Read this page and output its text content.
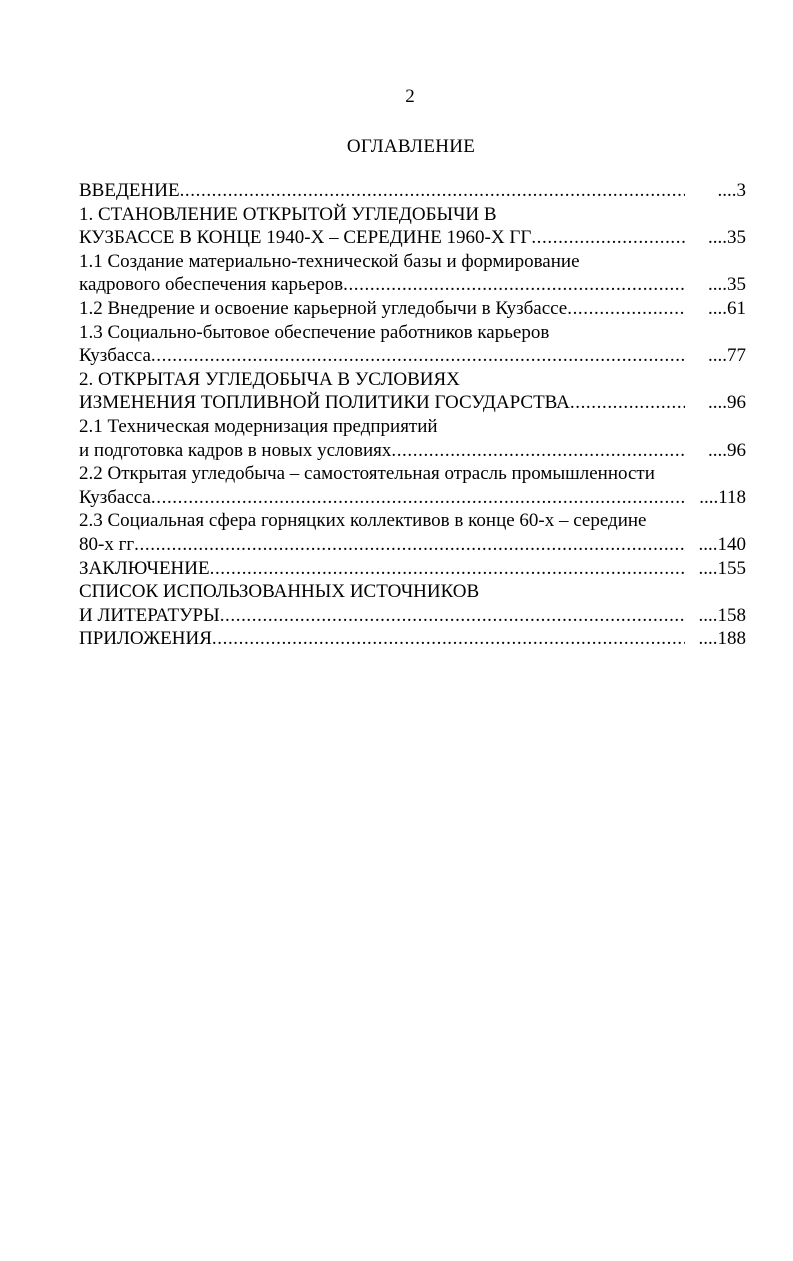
2
ОГЛАВЛЕНИЕ
ВВЕДЕНИЕ .....	.... 3
1. СТАНОВЛЕНИЕ ОТКРЫТОЙ УГЛЕДОБЫЧИ В
КУЗБАССЕ В КОНЦЕ 1940-Х – СЕРЕДИНЕ 1960-Х ГГ .....	.... 35
1.1 Создание материально-технической базы и формирование
кадрового обеспечения карьеров .....	.... 35
1.2 Внедрение и освоение карьерной угледобычи в Кузбассе .....	.... 61
1.3 Социально-бытовое обеспечение работников карьеров
Кузбасса .....	.... 77
2. ОТКРЫТАЯ УГЛЕДОБЫЧА В УСЛОВИЯХ
ИЗМЕНЕНИЯ ТОПЛИВНОЙ ПОЛИТИКИ ГОСУДАРСТВА .....	.... 96
2.1 Техническая модернизация предприятий
и подготовка кадров в новых условиях .....	.... 96
2.2 Открытая угледобыча – самостоятельная отрасль промышленности
Кузбасса .....	.... 118
2.3 Социальная сфера горняцких коллективов в конце 60-х – середине
80-х гг .....	.... 140
ЗАКЛЮЧЕНИЕ .....	.... 155
СПИСОК ИСПОЛЬЗОВАННЫХ ИСТОЧНИКОВ
И ЛИТЕРАТУРЫ .....	.... 158
ПРИЛОЖЕНИЯ .....	.... 188
